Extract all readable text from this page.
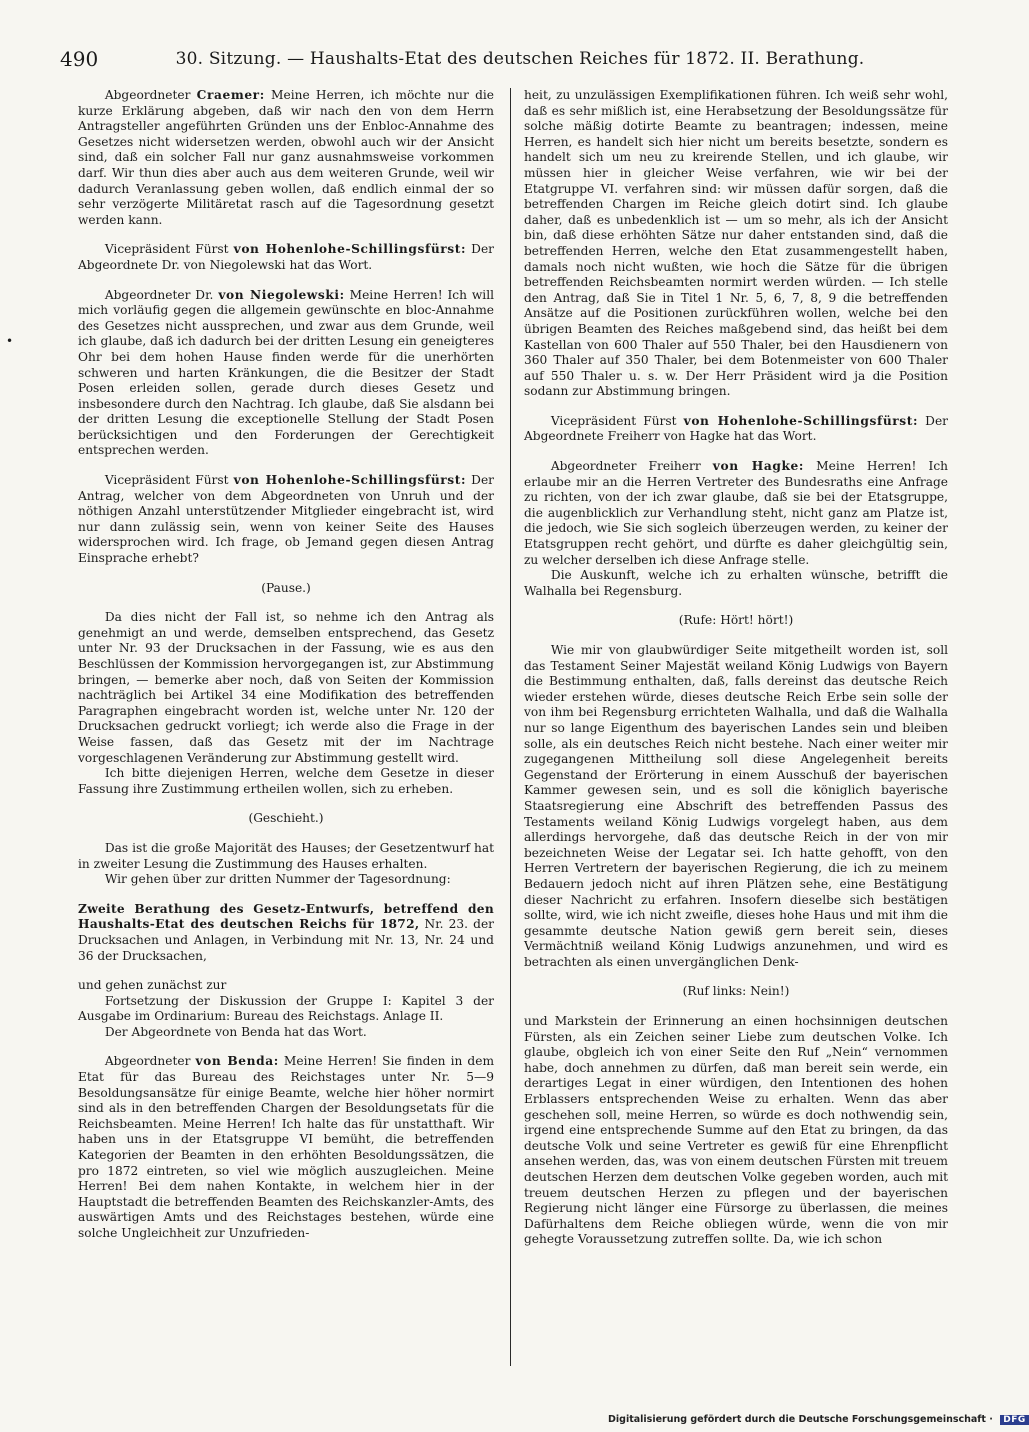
490	30. Sitzung. — Haushalts-Etat des deutschen Reiches für 1872. II. Berathung.
•

Abgeordneter Craemer: Meine Herren, ich möchte nur die kurze Erklärung abgeben, daß wir nach den von dem Herrn Antragsteller angeführten Gründen uns der Enbloc-Annahme des Gesetzes nicht widersetzen werden, obwohl auch wir der Ansicht sind, daß ein solcher Fall nur ganz ausnahmsweise vorkommen darf. Wir thun dies aber auch aus dem weiteren Grunde, weil wir dadurch Veranlassung geben wollen, daß endlich einmal der so sehr verzögerte Militäretat rasch auf die Tagesordnung gesetzt werden kann.

Vicepräsident Fürst von Hohenlohe-Schillingsfürst: Der Abgeordnete Dr. von Niegolewski hat das Wort.

Abgeordneter Dr. von Niegolewski: Meine Herren! Ich will mich vorläufig gegen die allgemein gewünschte en bloc-Annahme des Gesetzes nicht aussprechen, und zwar aus dem Grunde, weil ich glaube, daß ich dadurch bei der dritten Lesung ein geneigteres Ohr bei dem hohen Hause finden werde für die unerhörten schweren und harten Kränkungen, die die Besitzer der Stadt Posen erleiden sollen, gerade durch dieses Gesetz und insbesondere durch den Nachtrag. Ich glaube, daß Sie alsdann bei der dritten Lesung die exceptionelle Stellung der Stadt Posen berücksichtigen und den Forderungen der Gerechtigkeit entsprechen werden.

Vicepräsident Fürst von Hohenlohe-Schillingsfürst: Der Antrag, welcher von dem Abgeordneten von Unruh und der nöthigen Anzahl unterstützender Mitglieder eingebracht ist, wird nur dann zulässig sein, wenn von keiner Seite des Hauses widersprochen wird. Ich frage, ob Jemand gegen diesen Antrag Einsprache erhebt?

(Pause.)

Da dies nicht der Fall ist, so nehme ich den Antrag als genehmigt an und werde, demselben entsprechend, das Gesetz unter Nr. 93 der Drucksachen in der Fassung, wie es aus den Beschlüssen der Kommission hervorgegangen ist, zur Abstimmung bringen, — bemerke aber noch, daß von Seiten der Kommission nachträglich bei Artikel 34 eine Modifikation des betreffenden Paragraphen eingebracht worden ist, welche unter Nr. 120 der Drucksachen gedruckt vorliegt; ich werde also die Frage in der Weise fassen, daß das Gesetz mit der im Nachtrage vorgeschlagenen Veränderung zur Abstimmung gestellt wird.

Ich bitte diejenigen Herren, welche dem Gesetze in dieser Fassung ihre Zustimmung ertheilen wollen, sich zu erheben.

(Geschieht.)

Das ist die große Majorität des Hauses; der Gesetzentwurf hat in zweiter Lesung die Zustimmung des Hauses erhalten.

Wir gehen über zur dritten Nummer der Tagesordnung:

Zweite Berathung des Gesetz-Entwurfs, betreffend den Haushalts-Etat des deutschen Reichs für 1872, Nr. 23. der Drucksachen und Anlagen, in Verbindung mit Nr. 13, Nr. 24 und 36 der Drucksachen,

und gehen zunächst zur

Fortsetzung der Diskussion der Gruppe I: Kapitel 3 der Ausgabe im Ordinarium: Bureau des Reichstags. Anlage II.

Der Abgeordnete von Benda hat das Wort.

Abgeordneter von Benda: Meine Herren! Sie finden in dem Etat für das Bureau des Reichstages unter Nr. 5—9 Besoldungsansätze für einige Beamte, welche hier höher normirt sind als in den betreffenden Chargen der Besoldungsetats für die Reichsbeamten. Meine Herren! Ich halte das für unstatthaft. Wir haben uns in der Etatsgruppe VI bemüht, die betreffenden Kategorien der Beamten in den erhöhten Besoldungssätzen, die pro 1872 eintreten, so viel wie möglich auszugleichen. Meine Herren! Bei dem nahen Kontakte, in welchem hier in der Hauptstadt die betreffenden Beamten des Reichskanzler-Amts, des auswärtigen Amts und des Reichstages bestehen, würde eine solche Ungleichheit zur Unzufrieden-

heit, zu unzulässigen Exemplifikationen führen. Ich weiß sehr wohl, daß es sehr mißlich ist, eine Herabsetzung der Besoldungssätze für solche mäßig dotirte Beamte zu beantragen; indessen, meine Herren, es handelt sich hier nicht um bereits besetzte, sondern es handelt sich um neu zu kreirende Stellen, und ich glaube, wir müssen hier in gleicher Weise verfahren, wie wir bei der Etatgruppe VI. verfahren sind: wir müssen dafür sorgen, daß die betreffenden Chargen im Reiche gleich dotirt sind. Ich glaube daher, daß es unbedenklich ist — um so mehr, als ich der Ansicht bin, daß diese erhöhten Sätze nur daher entstanden sind, daß die betreffenden Herren, welche den Etat zusammengestellt haben, damals noch nicht wußten, wie hoch die Sätze für die übrigen betreffenden Reichsbeamten normirt werden würden. — Ich stelle den Antrag, daß Sie in Titel 1 Nr. 5, 6, 7, 8, 9 die betreffenden Ansätze auf die Positionen zurückführen wollen, welche bei den übrigen Beamten des Reiches maßgebend sind, das heißt bei dem Kastellan von 600 Thaler auf 550 Thaler, bei den Hausdienern von 360 Thaler auf 350 Thaler, bei dem Botenmeister von 600 Thaler auf 550 Thaler u. s. w. Der Herr Präsident wird ja die Position sodann zur Abstimmung bringen.

Vicepräsident Fürst von Hohenlohe-Schillingsfürst: Der Abgeordnete Freiherr von Hagke hat das Wort.

Abgeordneter Freiherr von Hagke: Meine Herren! Ich erlaube mir an die Herren Vertreter des Bundesraths eine Anfrage zu richten, von der ich zwar glaube, daß sie bei der Etatsgruppe, die augenblicklich zur Verhandlung steht, nicht ganz am Platze ist, die jedoch, wie Sie sich sogleich überzeugen werden, zu keiner der Etatsgruppen recht gehört, und dürfte es daher gleichgültig sein, zu welcher derselben ich diese Anfrage stelle.

Die Auskunft, welche ich zu erhalten wünsche, betrifft die Walhalla bei Regensburg.

(Rufe: Hört! hört!)

Wie mir von glaubwürdiger Seite mitgetheilt worden ist, soll das Testament Seiner Majestät weiland König Ludwigs von Bayern die Bestimmung enthalten, daß, falls dereinst das deutsche Reich wieder erstehen würde, dieses deutsche Reich Erbe sein solle der von ihm bei Regensburg errichteten Walhalla, und daß die Walhalla nur so lange Eigenthum des bayerischen Landes sein und bleiben solle, als ein deutsches Reich nicht bestehe. Nach einer weiter mir zugegangenen Mittheilung soll diese Angelegenheit bereits Gegenstand der Erörterung in einem Ausschuß der bayerischen Kammer gewesen sein, und es soll die königlich bayerische Staatsregierung eine Abschrift des betreffenden Passus des Testaments weiland König Ludwigs vorgelegt haben, aus dem allerdings hervorgehe, daß das deutsche Reich in der von mir bezeichneten Weise der Legatar sei. Ich hatte gehofft, von den Herren Vertretern der bayerischen Regierung, die ich zu meinem Bedauern jedoch nicht auf ihren Plätzen sehe, eine Bestätigung dieser Nachricht zu erfahren. Insofern dieselbe sich bestätigen sollte, wird, wie ich nicht zweifle, dieses hohe Haus und mit ihm die gesammte deutsche Nation gewiß gern bereit sein, dieses Vermächtniß weiland König Ludwigs anzunehmen, und wird es betrachten als einen unvergänglichen Denk-

(Ruf links: Nein!)

und Markstein der Erinnerung an einen hochsinnigen deutschen Fürsten, als ein Zeichen seiner Liebe zum deutschen Volke. Ich glaube, obgleich ich von einer Seite den Ruf „Nein“ vernommen habe, doch annehmen zu dürfen, daß man bereit sein werde, ein derartiges Legat in einer würdigen, den Intentionen des hohen Erblassers entsprechenden Weise zu erhalten. Wenn das aber geschehen soll, meine Herren, so würde es doch nothwendig sein, irgend eine entsprechende Summe auf den Etat zu bringen, da das deutsche Volk und seine Vertreter es gewiß für eine Ehrenpflicht ansehen werden, das, was von einem deutschen Fürsten mit treuem deutschen Herzen dem deutschen Volke gegeben worden, auch mit treuem deutschen Herzen zu pflegen und der bayerischen Regierung nicht länger eine Fürsorge zu überlassen, die meines Dafürhaltens dem Reiche obliegen würde, wenn die von mir gehegte Voraussetzung zutreffen sollte. Da, wie ich schon

Digitalisierung gefördert durch die Deutsche Forschungsgemeinschaft · DFG
